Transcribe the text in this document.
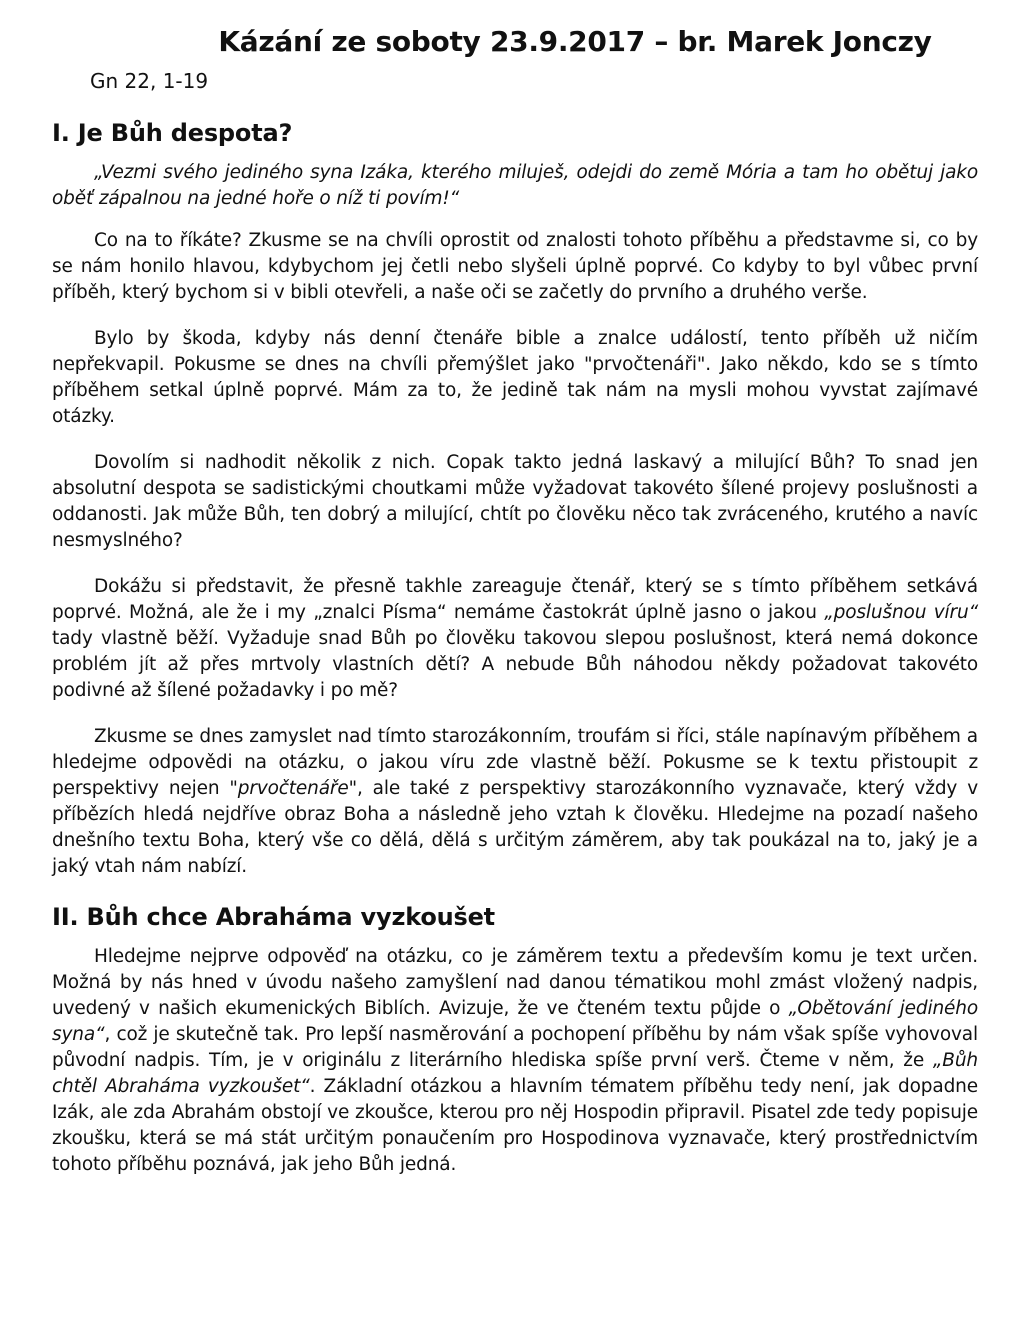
Kázání ze soboty 23.9.2017 – br. Marek Jonczy
Gn 22, 1-19
I. Je Bůh despota?

„Vezmi svého jediného syna Izáka, kterého miluješ, odejdi do země Mória a tam ho obětuj jako oběť zápalnou na jedné hoře o níž ti povím!“

Co na to říkáte? Zkusme se na chvíli oprostit od znalosti tohoto příběhu a představme si, co by se nám honilo hlavou, kdybychom jej četli nebo slyšeli úplně poprvé. Co kdyby to byl vůbec první příběh, který bychom si v bibli otevřeli, a naše oči se začetly do prvního a druhého verše.

Bylo by škoda, kdyby nás denní čtenáře bible a znalce událostí, tento příběh už ničím nepřekvapil. Pokusme se dnes na chvíli přemýšlet jako "prvočtenáři". Jako někdo, kdo se s tímto příběhem setkal úplně poprvé. Mám za to, že jedině tak nám na mysli mohou vyvstat zajímavé otázky.

Dovolím si nadhodit několik z nich. Copak takto jedná laskavý a milující Bůh? To snad jen absolutní despota se sadistickými choutkami může vyžadovat takovéto šílené projevy poslušnosti a oddanosti. Jak může Bůh, ten dobrý a milující, chtít po člověku něco tak zvráceného, krutého a navíc nesmyslného?

Dokážu si představit, že přesně takhle zareaguje čtenář, který se s tímto příběhem setkává poprvé. Možná, ale že i my „znalci Písma“ nemáme častokrát úplně jasno o jakou „poslušnou víru“ tady vlastně běží. Vyžaduje snad Bůh po člověku takovou slepou poslušnost, která nemá dokonce problém jít až přes mrtvoly vlastních dětí? A nebude Bůh náhodou někdy požadovat takovéto podivné až šílené požadavky i po mě?

Zkusme se dnes zamyslet nad tímto starozákonním, troufám si říci, stále napínavým příběhem a hledejme odpovědi na otázku, o jakou víru zde vlastně běží. Pokusme se k textu přistoupit z perspektivy nejen "prvočtenáře", ale také z perspektivy starozákonního vyznavače, který vždy v příbězích hledá nejdříve obraz Boha a následně jeho vztah k člověku. Hledejme na pozadí našeho dnešního textu Boha, který vše co dělá, dělá s určitým záměrem, aby tak poukázal na to, jaký je a jaký vtah nám nabízí.

II. Bůh chce Abraháma vyzkoušet

Hledejme nejprve odpověď na otázku, co je záměrem textu a především komu je text určen. Možná by nás hned v úvodu našeho zamyšlení nad danou tématikou mohl zmást vložený nadpis, uvedený v našich ekumenických Biblích. Avizuje, že ve čteném textu půjde o „Obětování jediného syna“, což je skutečně tak. Pro lepší nasměrování a pochopení příběhu by nám však spíše vyhovoval původní nadpis. Tím, je v originálu z literárního hlediska spíše první verš. Čteme v něm, že „Bůh chtěl Abraháma vyzkoušet“. Základní otázkou a hlavním tématem příběhu tedy není, jak dopadne Izák, ale zda Abrahám obstojí ve zkoušce, kterou pro něj Hospodin připravil. Pisatel zde tedy popisuje zkoušku, která se má stát určitým ponaučením pro Hospodinova vyznavače, který prostřednictvím tohoto příběhu poznává, jak jeho Bůh jedná.
